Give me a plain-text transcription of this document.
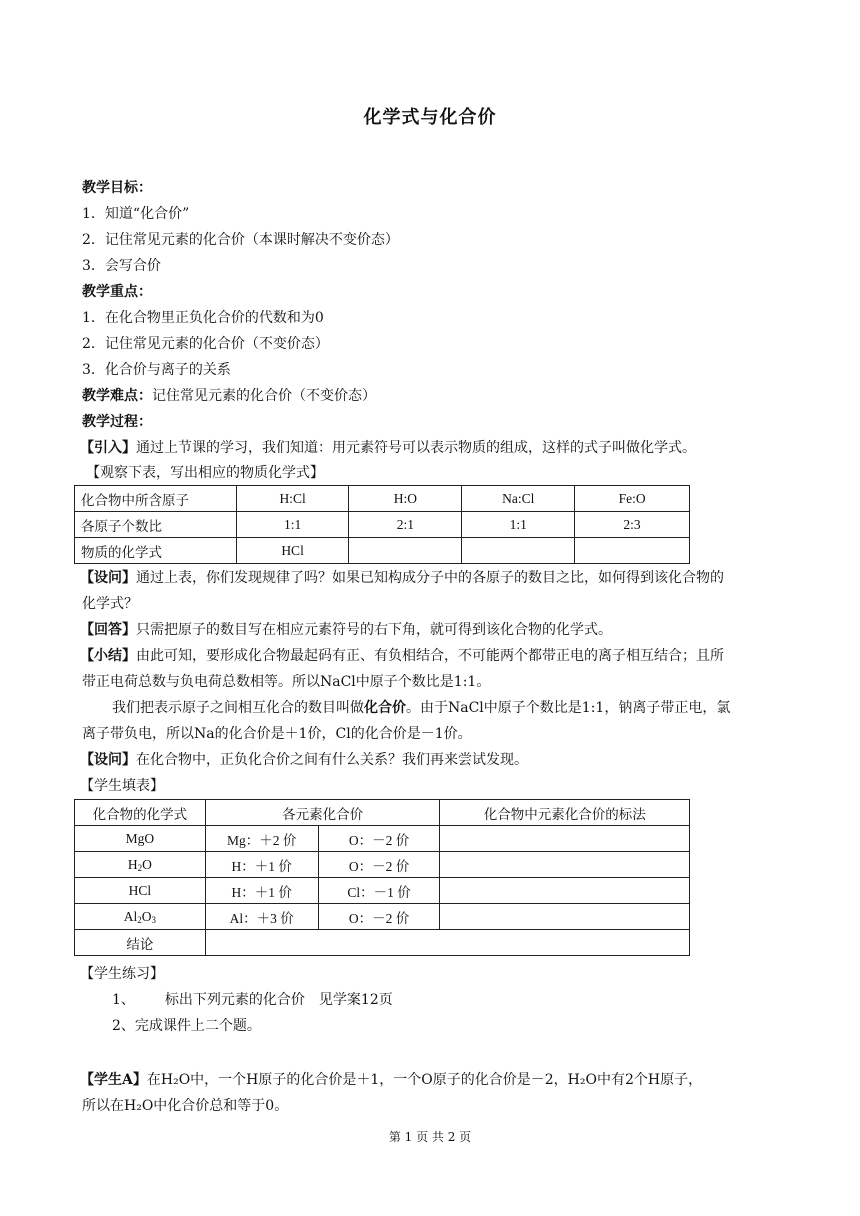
化学式与化合价
教学目标：
1．知道“化合价”
2．记住常见元素的化合价（本课时解决不变价态）
3．会写合价
教学重点：
1．在化合物里正负化合价的代数和为0
2．记住常见元素的化合价（不变价态）
3．化合价与离子的关系
教学难点：记住常见元素的化合价（不变价态）
教学过程：
【引入】通过上节课的学习，我们知道：用元素符号可以表示物质的组成，这样的式子叫做化学式。
【观察下表，写出相应的物质化学式】
化合物中所含原子	H:Cl	H:O	Na:Cl	Fe:O
各原子个数比	1:1	2:1	1:1	2:3
物质的化学式	HCl			
【设问】通过上表，你们发现规律了吗？如果已知构成分子中的各原子的数目之比，如何得到该化合物的
化学式？
【回答】只需把原子的数目写在相应元素符号的右下角，就可得到该化合物的化学式。
【小结】由此可知，要形成化合物最起码有正、有负相结合，不可能两个都带正电的离子相互结合；且所
带正电荷总数与负电荷总数相等。所以NaCl中原子个数比是1:1。
我们把表示原子之间相互化合的数目叫做化合价。由于NaCl中原子个数比是1:1，钠离子带正电，氯
离子带负电，所以Na的化合价是＋1价，Cl的化合价是－1价。
【设问】在化合物中，正负化合价之间有什么关系？我们再来尝试发现。
【学生填表】
化合物的化学式	各元素化合价		化合物中元素化合价的标法
MgO	Mg：＋2 价	O：－2 价	
$H_2O$	H：＋1 价	O：－2 价	
HCl	H：＋1 价	Cl：－1 价	
$Al_2O_3$	Al：＋3 价	O：－2 价	
结论			
【学生练习】
1、 标出下列元素的化合价　见学案12页
2、完成课件上二个题。
【学生A】在H₂O中，一个H原子的化合价是＋1，一个O原子的化合价是－2，H₂O中有2个H原子，
所以在H₂O中化合价总和等于0。
第 1 页 共 2 页
